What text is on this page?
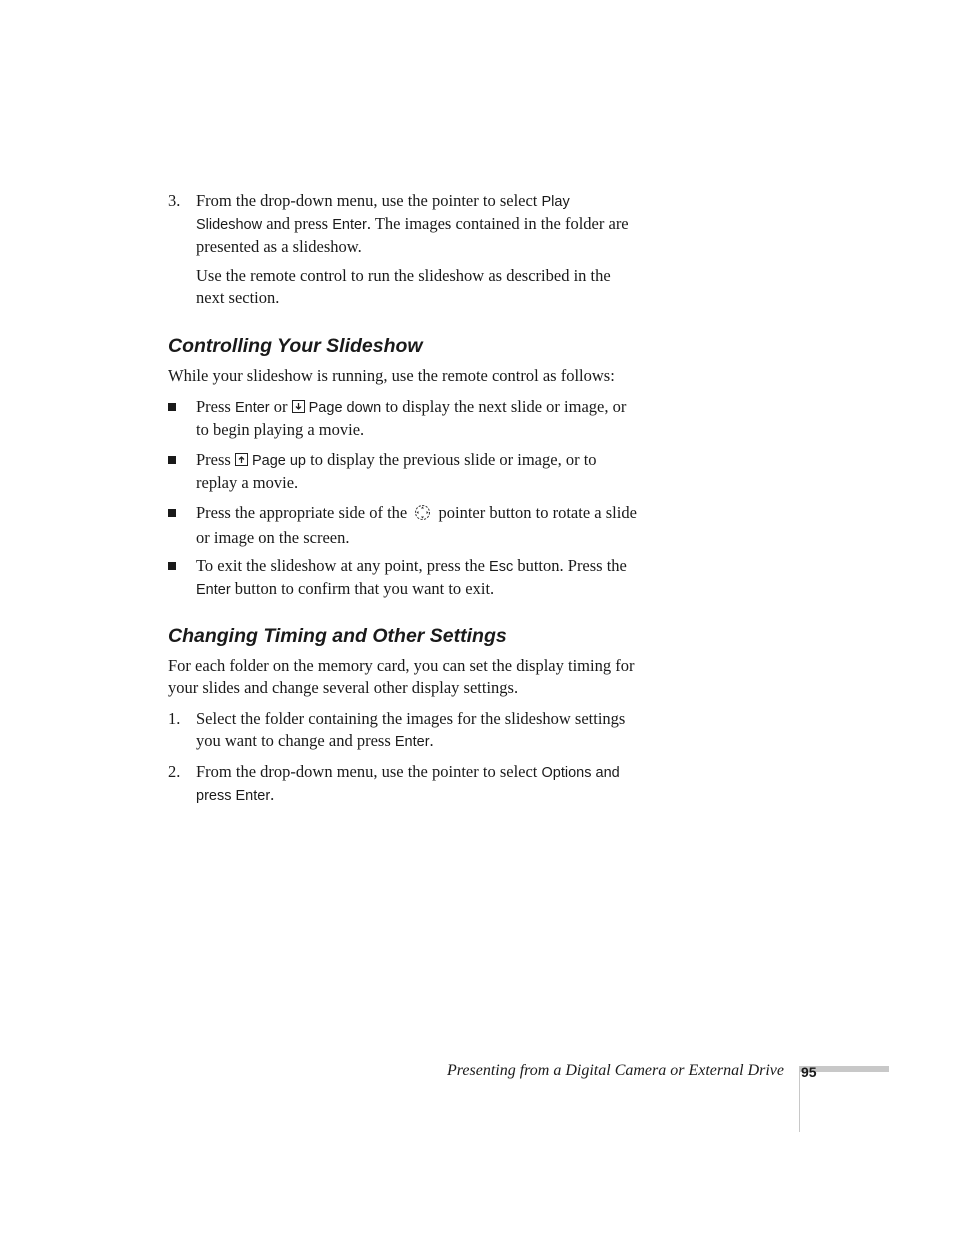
3. From the drop-down menu, use the pointer to select Play Slideshow and press Enter. The images contained in the folder are presented as a slideshow.
Use the remote control to run the slideshow as described in the next section.
Controlling Your Slideshow
While your slideshow is running, use the remote control as follows:
Press Enter or
Page down to display the next slide or image, or to begin playing a movie.
Press
Page up to display the previous slide or image, or to replay a movie.
Press the appropriate side of the  pointer button to rotate a slide or image on the screen.
To exit the slideshow at any point, press the Esc button. Press the Enter button to confirm that you want to exit.
Changing Timing and Other Settings
For each folder on the memory card, you can set the display timing for your slides and change several other display settings.
1. Select the folder containing the images for the slideshow settings you want to change and press Enter.
2. From the drop-down menu, use the pointer to select Options and press Enter.
Presenting from a Digital Camera or External Drive 95
